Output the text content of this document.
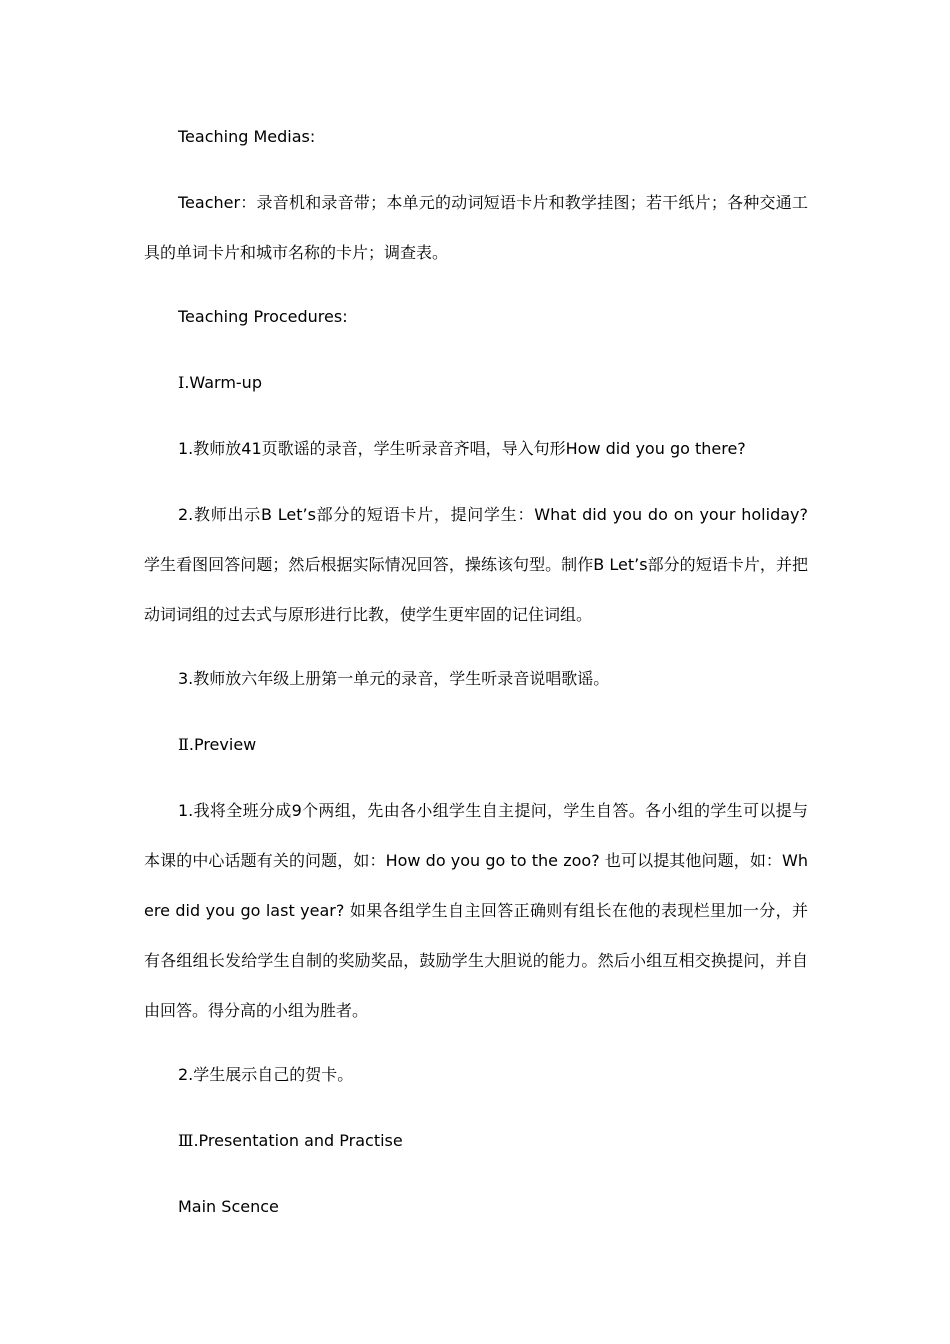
Teaching Medias:
Teacher：录音机和录音带；本单元的动词短语卡片和教学挂图；若干纸片；各种交通工具的单词卡片和城市名称的卡片；调查表。
Teaching Procedures:
Ⅰ.Warm-up
1.教师放41页歌谣的录音，学生听录音齐唱，导入句形How did you go there?
2.教师出示B Let’s部分的短语卡片，提问学生：What did you do on your holiday? 学生看图回答问题；然后根据实际情况回答，操练该句型。制作B Let’s部分的短语卡片，并把动词词组的过去式与原形进行比教，使学生更牢固的记住词组。
3.教师放六年级上册第一单元的录音，学生听录音说唱歌谣。
Ⅱ.Preview
1.我将全班分成9个两组，先由各小组学生自主提问，学生自答。各小组的学生可以提与本课的中心话题有关的问题，如：How do you go to the zoo? 也可以提其他问题，如：Where did you go last year? 如果各组学生自主回答正确则有组长在他的表现栏里加一分，并有各组组长发给学生自制的奖励奖品，鼓励学生大胆说的能力。然后小组互相交换提问，并自由回答。得分高的小组为胜者。
2.学生展示自己的贺卡。
Ⅲ.Presentation and Practise
Main Scence
